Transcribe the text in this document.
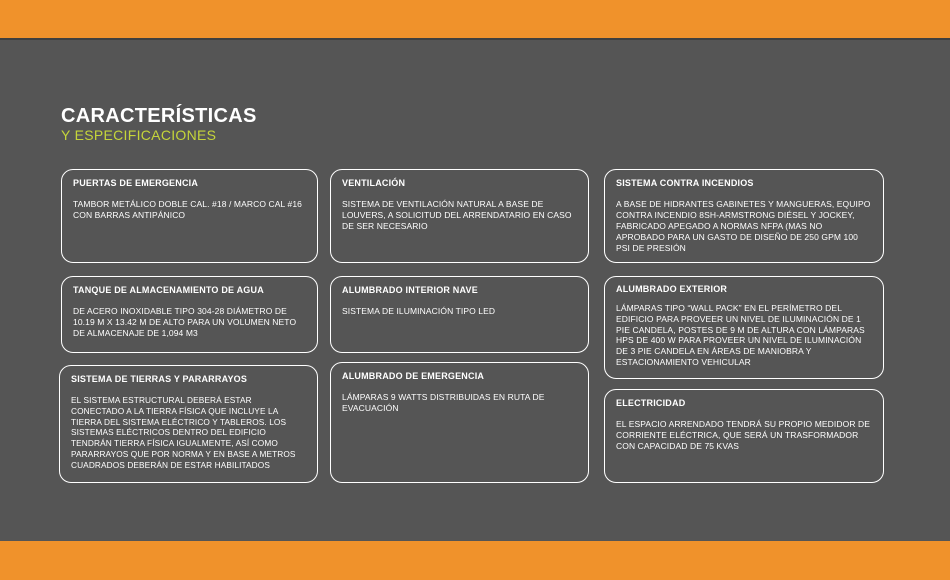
CARACTERÍSTICAS
Y ESPECIFICACIONES
PUERTAS DE EMERGENCIA
TAMBOR METÁLICO DOBLE CAL. #18 / MARCO CAL #16 CON BARRAS ANTIPÁNICO
TANQUE DE ALMACENAMIENTO DE AGUA
DE ACERO INOXIDABLE TIPO 304-28 DIÁMETRO DE 10.19 M X 13.42 M DE ALTO PARA UN VOLUMEN NETO DE ALMACENAJE DE 1,094 M3
SISTEMA DE TIERRAS Y PARARRAYOS
EL SISTEMA ESTRUCTURAL DEBERÁ ESTAR CONECTADO A LA TIERRA FÍSICA QUE INCLUYE LA TIERRA DEL SISTEMA ELÉCTRICO Y TABLEROS. LOS SISTEMAS ELÉCTRICOS DENTRO DEL EDIFICIO TENDRÁN TIERRA FÍSICA IGUALMENTE, ASÍ COMO PARARRAYOS QUE POR NORMA Y EN BASE A METROS CUADRADOS DEBERÁN DE ESTAR HABILITADOS
VENTILACIÓN
SISTEMA DE VENTILACIÓN NATURAL A BASE DE LOUVERS, A SOLICITUD DEL ARRENDATARIO EN CASO DE SER NECESARIO
ALUMBRADO INTERIOR NAVE
SISTEMA DE ILUMINACIÓN TIPO LED
ALUMBRADO DE EMERGENCIA
LÁMPARAS 9 WATTS DISTRIBUIDAS EN RUTA DE EVACUACIÓN
SISTEMA CONTRA INCENDIOS
A BASE DE HIDRANTES GABINETES Y MANGUERAS, EQUIPO CONTRA INCENDIO 8SH-ARMSTRONG DIÉSEL Y JOCKEY, FABRICADO APEGADO A NORMAS NFPA (MAS NO APROBADO PARA UN GASTO DE DISEÑO DE 250 GPM 100 PSI DE PRESIÓN
ALUMBRADO EXTERIOR
LÁMPARAS TIPO “WALL PACK” EN EL PERÍMETRO DEL EDIFICIO PARA PROVEER UN NIVEL DE ILUMINACIÓN DE 1 PIE CANDELA, POSTES DE 9 M DE ALTURA CON LÁMPARAS HPS DE 400 W PARA PROVEER UN NIVEL DE ILUMINACIÓN DE 3 PIE CANDELA EN ÁREAS DE MANIOBRA Y ESTACIONAMIENTO VEHICULAR
ELECTRICIDAD
EL ESPACIO ARRENDADO TENDRÁ SU PROPIO MEDIDOR DE CORRIENTE ELÉCTRICA, QUE SERÁ UN TRASFORMADOR CON CAPACIDAD DE 75 KVAS
